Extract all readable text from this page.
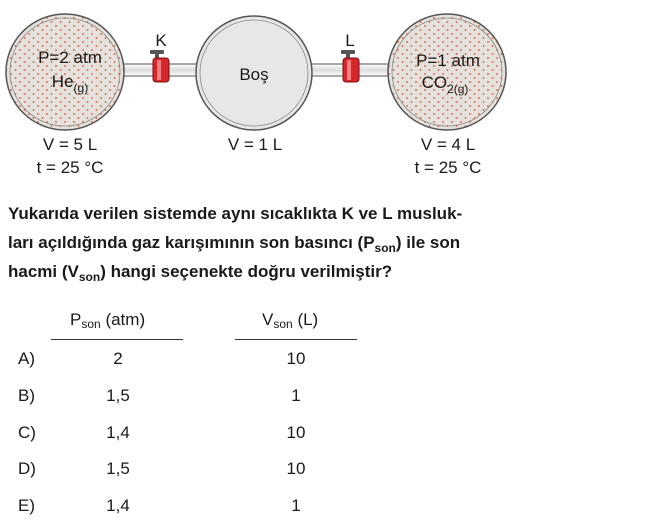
K	L
P=2 atm
$He_{(g)}$
Boş
P=1 atm
$CO_{2(g)}$
V = 5 L
t = 25 °C
V = 1 L	V = 4 L
t = 25 °C
Yukarıda verilen sistemde aynı sıcaklıkta K ve L musluk-
ları açıldığında gaz karışımının son basıncı $(P_{son})$ ile son
hacmi $(V_{son})$ hangi seçenekte doğru verilmiştir?
$P_{son}$ (atm)	$V_{son}$ (L)
A)	2	10
B)	1,5	1
C)	1,4	10
D)	1,5	10
E)	1,4	1
